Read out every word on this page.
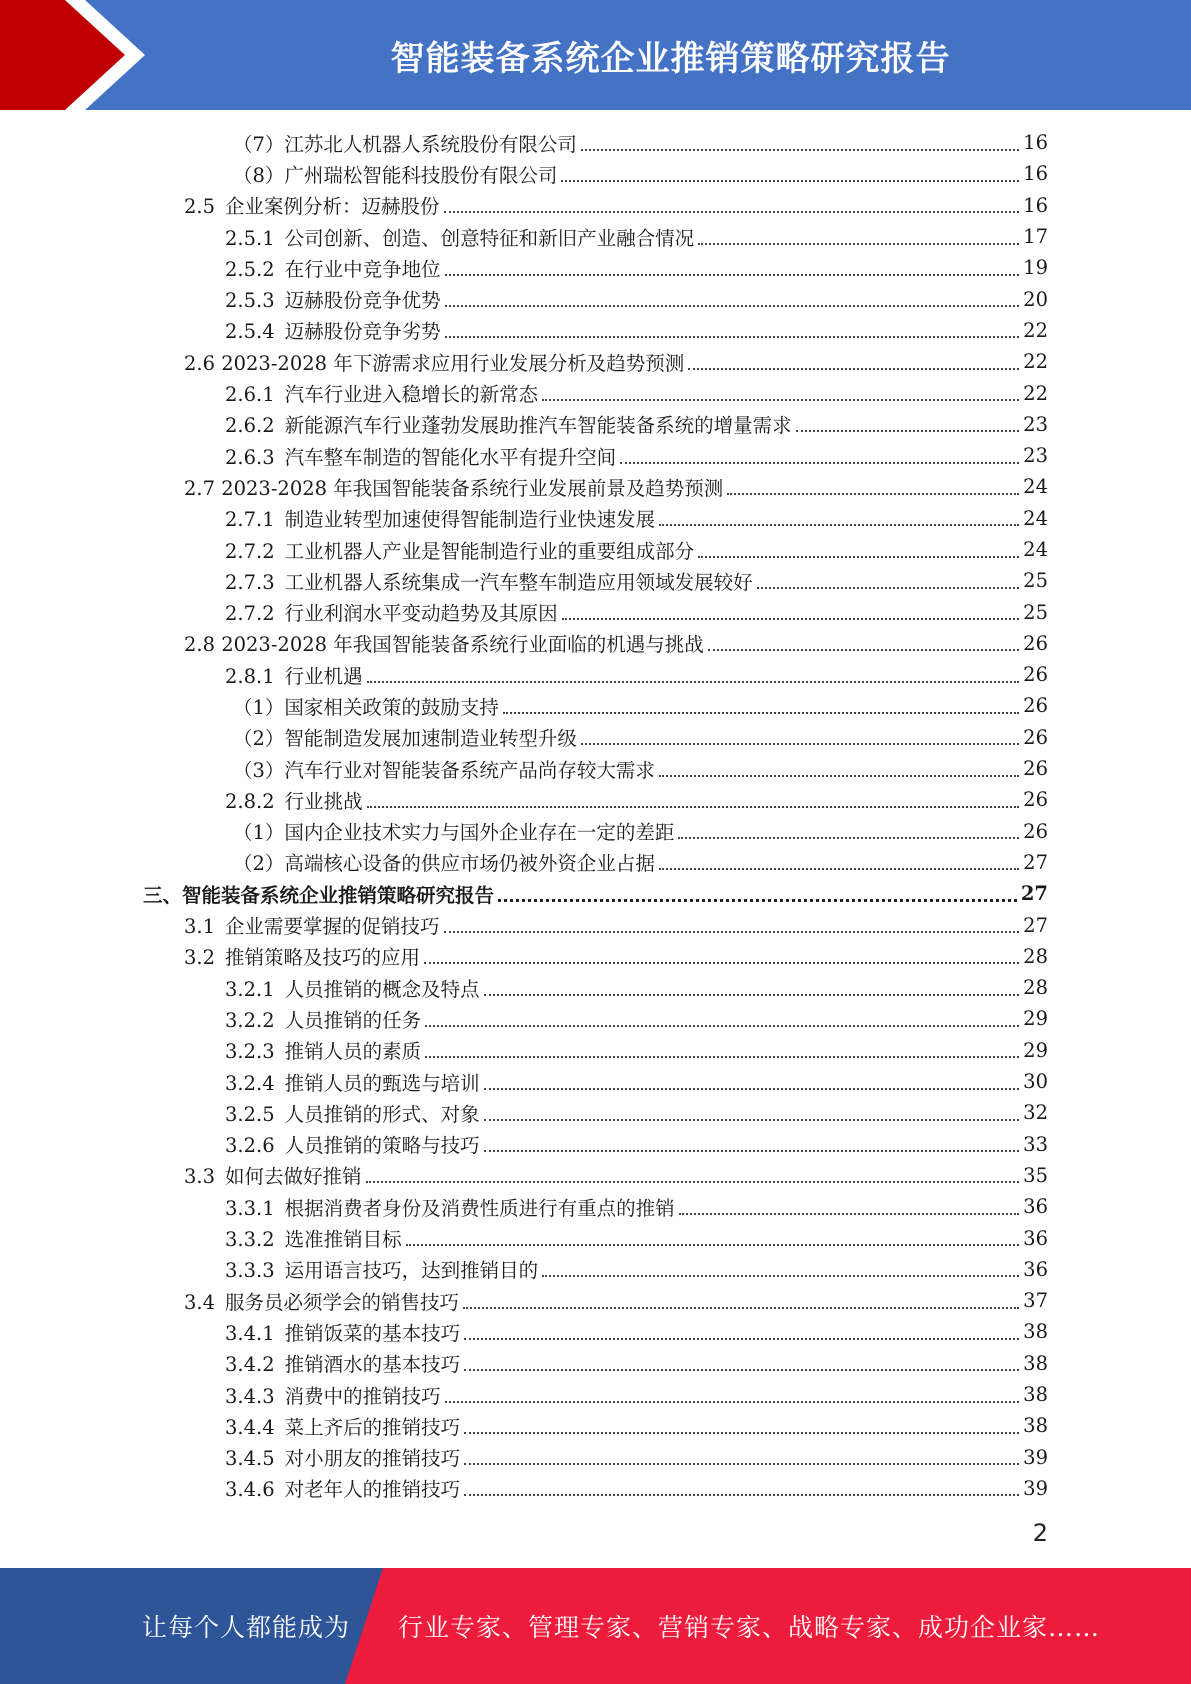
智能装备系统企业推销策略研究报告
（7）江苏北人机器人系统股份有限公司	16
（8）广州瑞松智能科技股份有限公司	16
2.5 企业案例分析：迈赫股份	16
2.5.1 公司创新、创造、创意特征和新旧产业融合情况	17
2.5.2 在行业中竞争地位	19
2.5.3 迈赫股份竞争优势	20
2.5.4 迈赫股份竞争劣势	22
2.6 2023-2028 年下游需求应用行业发展分析及趋势预测	22
2.6.1 汽车行业进入稳增长的新常态	22
2.6.2 新能源汽车行业蓬勃发展助推汽车智能装备系统的增量需求	23
2.6.3 汽车整车制造的智能化水平有提升空间	23
2.7 2023-2028 年我国智能装备系统行业发展前景及趋势预测	24
2.7.1 制造业转型加速使得智能制造行业快速发展	24
2.7.2 工业机器人产业是智能制造行业的重要组成部分	24
2.7.3 工业机器人系统集成一汽车整车制造应用领域发展较好	25
2.7.2 行业利润水平变动趋势及其原因	25
2.8 2023-2028 年我国智能装备系统行业面临的机遇与挑战	26
2.8.1 行业机遇	26
（1）国家相关政策的鼓励支持	26
（2）智能制造发展加速制造业转型升级	26
（3）汽车行业对智能装备系统产品尚存较大需求	26
2.8.2 行业挑战	26
（1）国内企业技术实力与国外企业存在一定的差距	26
（2）高端核心设备的供应市场仍被外资企业占据	27
三、智能装备系统企业推销策略研究报告	27
3.1 企业需要掌握的促销技巧	27
3.2 推销策略及技巧的应用	28
3.2.1 人员推销的概念及特点	28
3.2.2 人员推销的任务	29
3.2.3 推销人员的素质	29
3.2.4 推销人员的甄选与培训	30
3.2.5 人员推销的形式、对象	32
3.2.6 人员推销的策略与技巧	33
3.3 如何去做好推销	35
3.3.1 根据消费者身份及消费性质进行有重点的推销	36
3.3.2 选准推销目标	36
3.3.3 运用语言技巧，达到推销目的	36
3.4 服务员必须学会的销售技巧	37
3.4.1 推销饭菜的基本技巧	38
3.4.2 推销酒水的基本技巧	38
3.4.3 消费中的推销技巧	38
3.4.4 菜上齐后的推销技巧	38
3.4.5 对小朋友的推销技巧	39
3.4.6 对老年人的推销技巧	39
2
让每个人都能成为 行业专家、管理专家、营销专家、战略专家、成功企业家……
